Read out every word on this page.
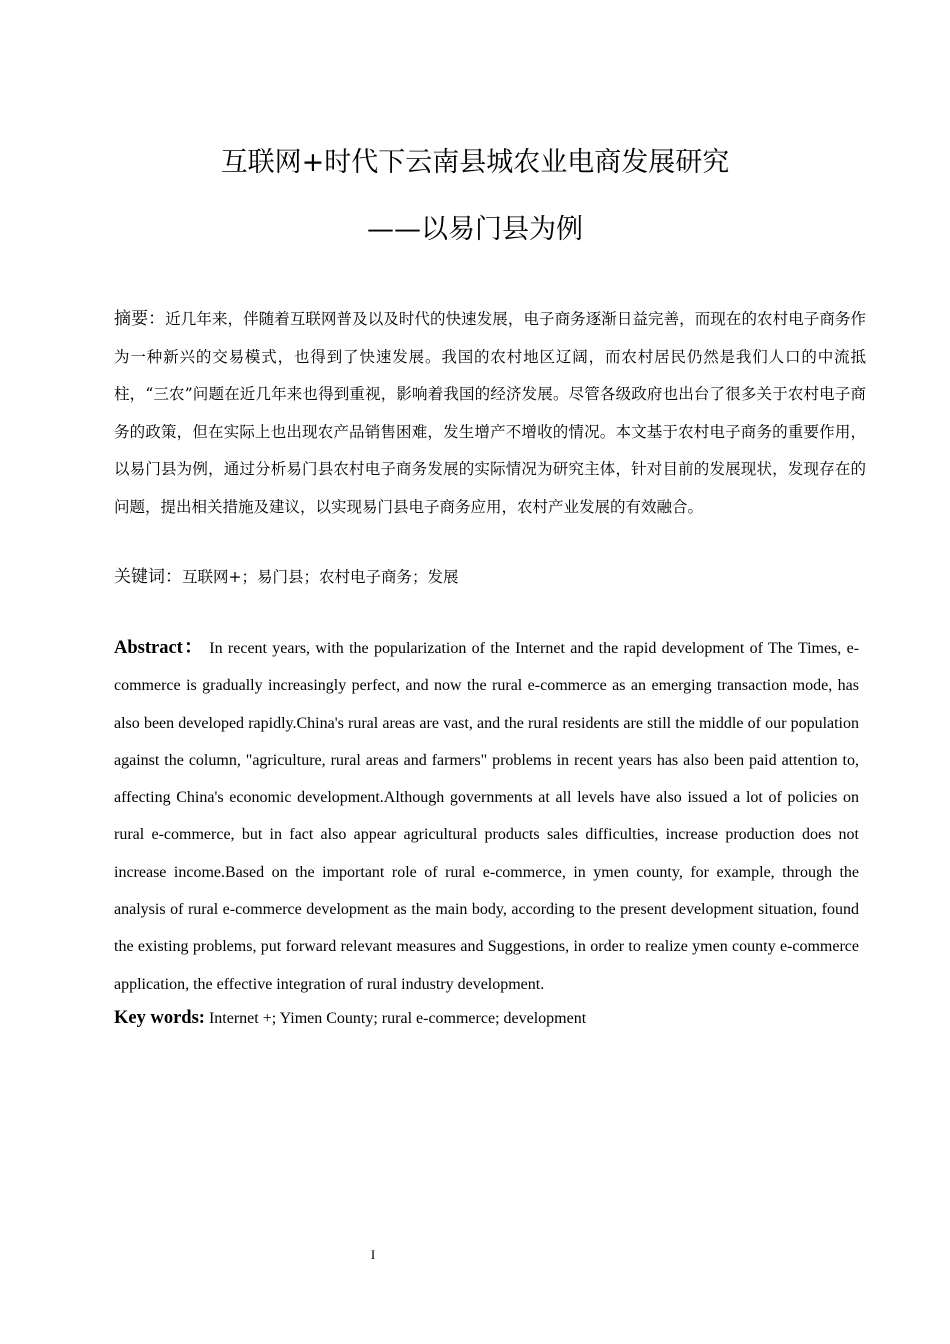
互联网+时代下云南县城农业电商发展研究
——以易门县为例
摘要：近几年来，伴随着互联网普及以及时代的快速发展，电子商务逐渐日益完善，而现在的农村电子商务作为一种新兴的交易模式，也得到了快速发展。我国的农村地区辽阔，而农村居民仍然是我们人口的中流抵柱，“三农”问题在近几年来也得到重视，影响着我国的经济发展。尽管各级政府也出台了很多关于农村电子商务的政策，但在实际上也出现农产品销售困难，发生增产不增收的情况。本文基于农村电子商务的重要作用，以易门县为例，通过分析易门县农村电子商务发展的实际情况为研究主体，针对目前的发展现状，发现存在的问题，提出相关措施及建议，以实现易门县电子商务应用，农村产业发展的有效融合。
关键词：互联网+；易门县；农村电子商务；发展
Abstract： In recent years, with the popularization of the Internet and the rapid development of The Times, e-commerce is gradually increasingly perfect, and now the rural e-commerce as an emerging transaction mode, has also been developed rapidly.China's rural areas are vast, and the rural residents are still the middle of our population against the column, "agriculture, rural areas and farmers" problems in recent years has also been paid attention to, affecting China's economic development.Although governments at all levels have also issued a lot of policies on rural e-commerce, but in fact also appear agricultural products sales difficulties, increase production does not increase income.Based on the important role of rural e-commerce, in ymen county, for example, through the analysis of rural e-commerce development as the main body, according to the present development situation, found the existing problems, put forward relevant measures and Suggestions, in order to realize ymen county e-commerce application, the effective integration of rural industry development.
Key words: Internet +; Yimen County; rural e-commerce; development
I
